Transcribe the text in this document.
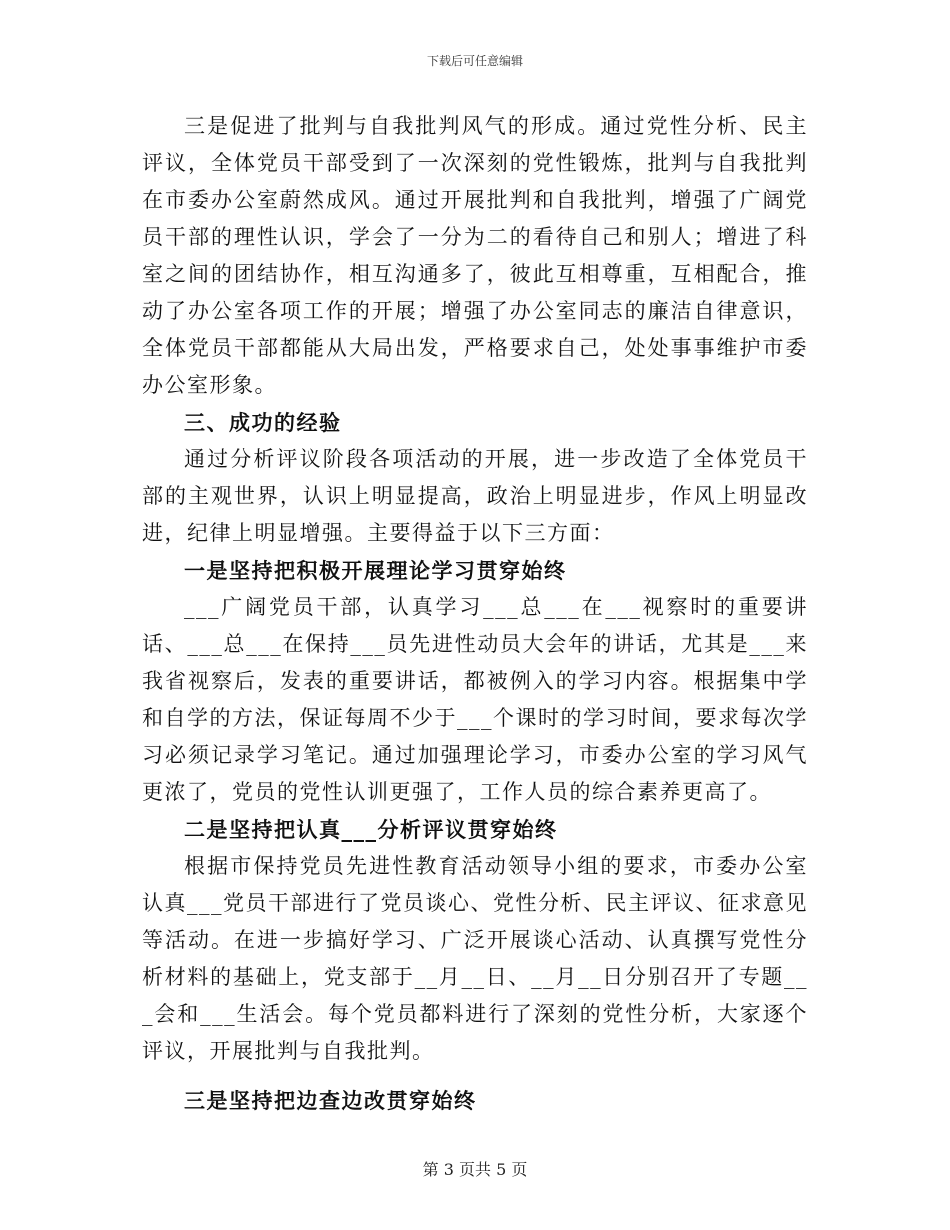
下载后可任意编辑

三是促进了批判与自我批判风气的形成。通过党性分析、民主评议，全体党员干部受到了一次深刻的党性锻炼，批判与自我批判在市委办公室蔚然成风。通过开展批判和自我批判，增强了广阔党员干部的理性认识，学会了一分为二的看待自己和别人；增进了科室之间的团结协作，相互沟通多了，彼此互相尊重，互相配合，推动了办公室各项工作的开展；增强了办公室同志的廉洁自律意识，全体党员干部都能从大局出发，严格要求自己，处处事事维护市委办公室形象。

三、成功的经验

通过分析评议阶段各项活动的开展，进一步改造了全体党员干部的主观世界，认识上明显提高，政治上明显进步，作风上明显改进，纪律上明显增强。主要得益于以下三方面：

一是坚持把积极开展理论学习贯穿始终

___广阔党员干部，认真学习___总___在___视察时的重要讲话、___总___在保持___员先进性动员大会年的讲话，尤其是___来我省视察后，发表的重要讲话，都被例入的学习内容。根据集中学和自学的方法，保证每周不少于___个课时的学习时间，要求每次学习必须记录学习笔记。通过加强理论学习，市委办公室的学习风气更浓了，党员的党性认训更强了，工作人员的综合素养更高了。

二是坚持把认真___分析评议贯穿始终

根据市保持党员先进性教育活动领导小组的要求，市委办公室认真___党员干部进行了党员谈心、党性分析、民主评议、征求意见等活动。在进一步搞好学习、广泛开展谈心活动、认真撰写党性分析材料的基础上，党支部于__月__日、__月__日分别召开了专题___会和___生活会。每个党员都料进行了深刻的党性分析，大家逐个评议，开展批判与自我批判。

三是坚持把边查边改贯穿始终

第 3 页共 5 页
